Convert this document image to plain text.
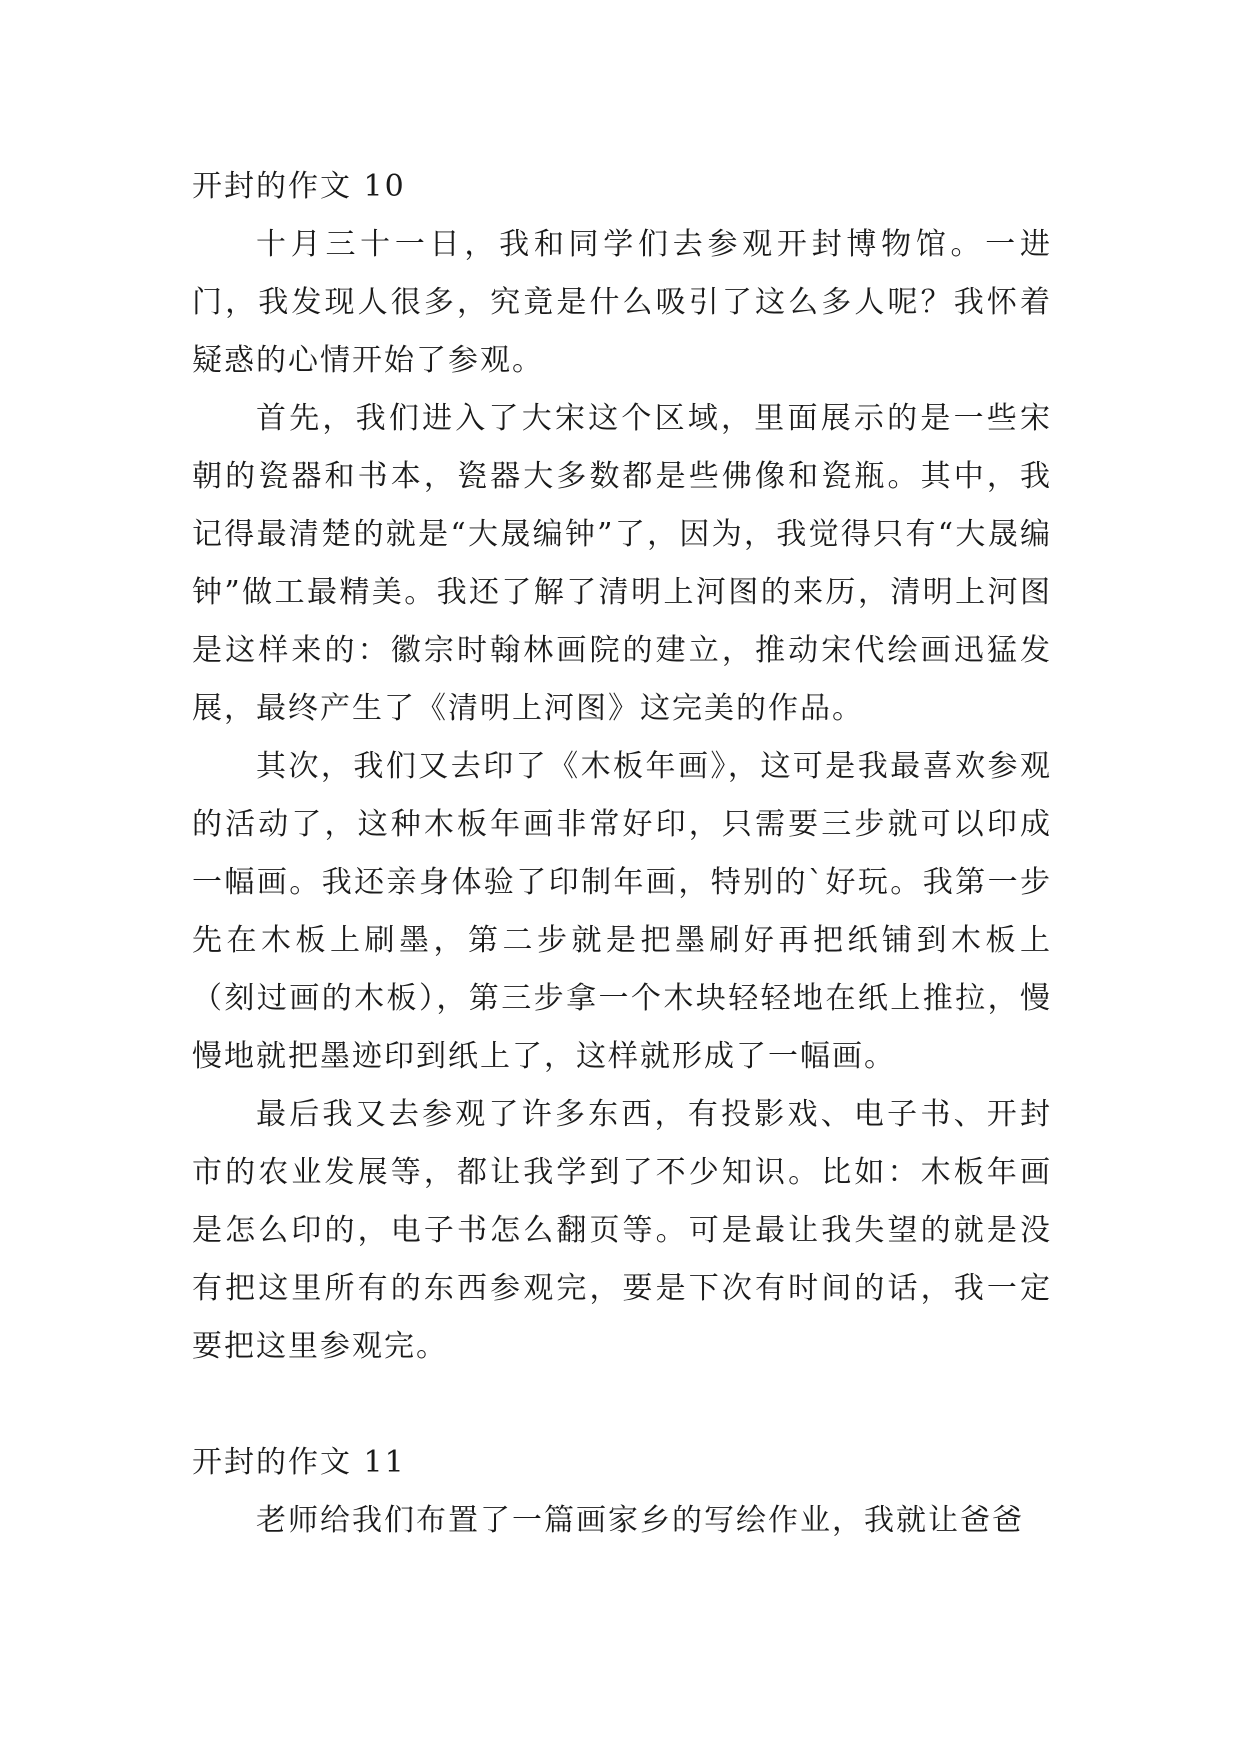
开封的作文 10

十月三十一日，我和同学们去参观开封博物馆。一进门，我发现人很多，究竟是什么吸引了这么多人呢？我怀着疑惑的心情开始了参观。

首先，我们进入了大宋这个区域，里面展示的是一些宋朝的瓷器和书本，瓷器大多数都是些佛像和瓷瓶。其中，我记得最清楚的就是“大晟编钟”了，因为，我觉得只有“大晟编钟”做工最精美。我还了解了清明上河图的来历，清明上河图是这样来的：徽宗时翰林画院的建立，推动宋代绘画迅猛发展，最终产生了《清明上河图》这完美的作品。

其次，我们又去印了《木板年画》，这可是我最喜欢参观的活动了，这种木板年画非常好印，只需要三步就可以印成一幅画。我还亲身体验了印制年画，特别的`好玩。我第一步先在木板上刷墨，第二步就是把墨刷好再把纸铺到木板上（刻过画的木板），第三步拿一个木块轻轻地在纸上推拉，慢慢地就把墨迹印到纸上了，这样就形成了一幅画。

最后我又去参观了许多东西，有投影戏、电子书、开封市的农业发展等，都让我学到了不少知识。比如：木板年画是怎么印的，电子书怎么翻页等。可是最让我失望的就是没有把这里所有的东西参观完，要是下次有时间的话，我一定要把这里参观完。

开封的作文 11

老师给我们布置了一篇画家乡的写绘作业，我就让爸爸
